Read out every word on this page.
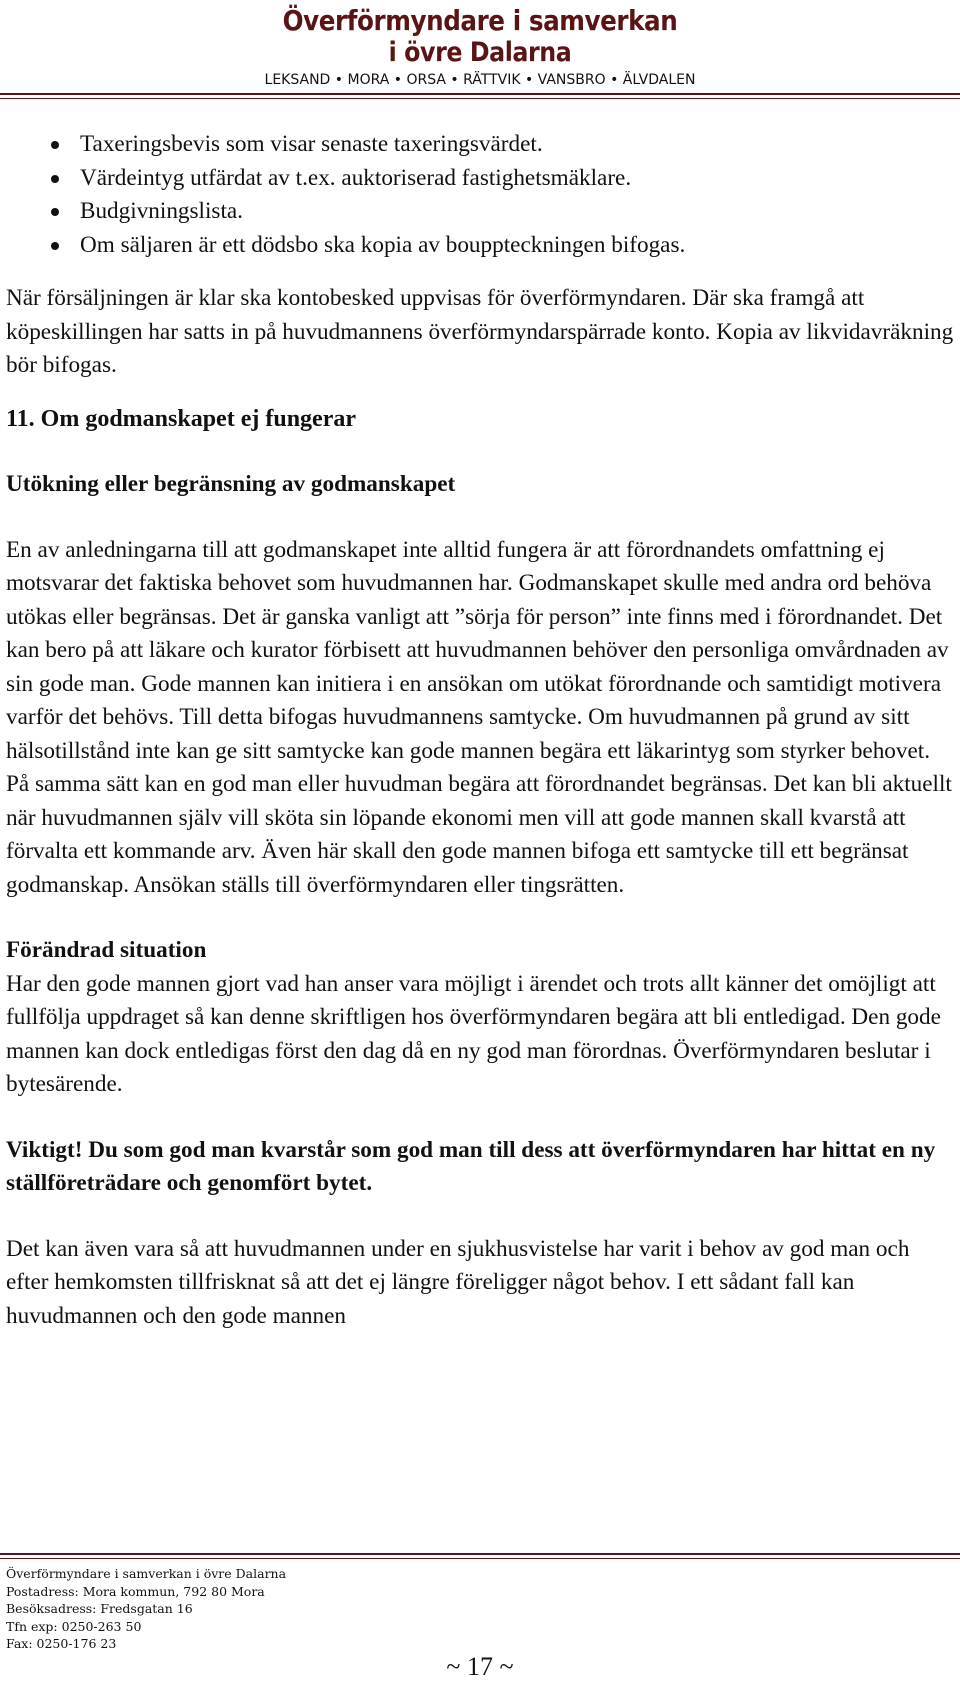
Överförmyndare i samverkan
i övre Dalarna
LEKSAND • MORA • ORSA • RÄTTVIK • VANSBRO • ÄLVDALEN
Taxeringsbevis som visar senaste taxeringsvärdet.
Värdeintyg utfärdat av t.ex. auktoriserad fastighetsmäklare.
Budgivningslista.
Om säljaren är ett dödsbo ska kopia av bouppteckningen bifogas.

När försäljningen är klar ska kontobesked uppvisas för överförmyndaren. Där ska framgå att köpeskillingen har satts in på huvudmannens överförmyndarspärrade konto. Kopia av likvidavräkning bör bifogas.

11. Om godmanskapet ej fungerar

Utökning eller begränsning av godmanskapet

En av anledningarna till att godmanskapet inte alltid fungera är att förordnandets omfattning ej motsvarar det faktiska behovet som huvudmannen har. Godmanskapet skulle med andra ord behöva utökas eller begränsas. Det är ganska vanligt att ”sörja för person” inte finns med i förordnandet. Det kan bero på att läkare och kurator förbisett att huvudmannen behöver den personliga omvårdnaden av sin gode man. Gode mannen kan initiera i en ansökan om utökat förordnande och samtidigt motivera varför det behövs. Till detta bifogas huvudmannens samtycke. Om huvudmannen på grund av sitt hälsotillstånd inte kan ge sitt samtycke kan gode mannen begära ett läkarintyg som styrker behovet. På samma sätt kan en god man eller huvudman begära att förordnandet begränsas. Det kan bli aktuellt när huvudmannen själv vill sköta sin löpande ekonomi men vill att gode mannen skall kvarstå att förvalta ett kommande arv. Även här skall den gode mannen bifoga ett samtycke till ett begränsat godmanskap. Ansökan ställs till överförmyndaren eller tingsrätten.

Förändrad situation

Har den gode mannen gjort vad han anser vara möjligt i ärendet och trots allt känner det omöjligt att fullfölja uppdraget så kan denne skriftligen hos överförmyndaren begära att bli entledigad. Den gode mannen kan dock entledigas först den dag då en ny god man förordnas. Överförmyndaren beslutar i bytesärende.

Viktigt! Du som god man kvarstår som god man till dess att överförmyndaren har hittat en ny ställföreträdare och genomfört bytet.

Det kan även vara så att huvudmannen under en sjukhusvistelse har varit i behov av god man och efter hemkomsten tillfrisknat så att det ej längre föreligger något behov. I ett sådant fall kan huvudmannen och den gode mannen

Överförmyndare i samverkan i övre Dalarna
Postadress: Mora kommun, 792 80 Mora
Besöksadress: Fredsgatan 16
Tfn exp: 0250-263 50
Fax: 0250-176 23
~ 17 ~
